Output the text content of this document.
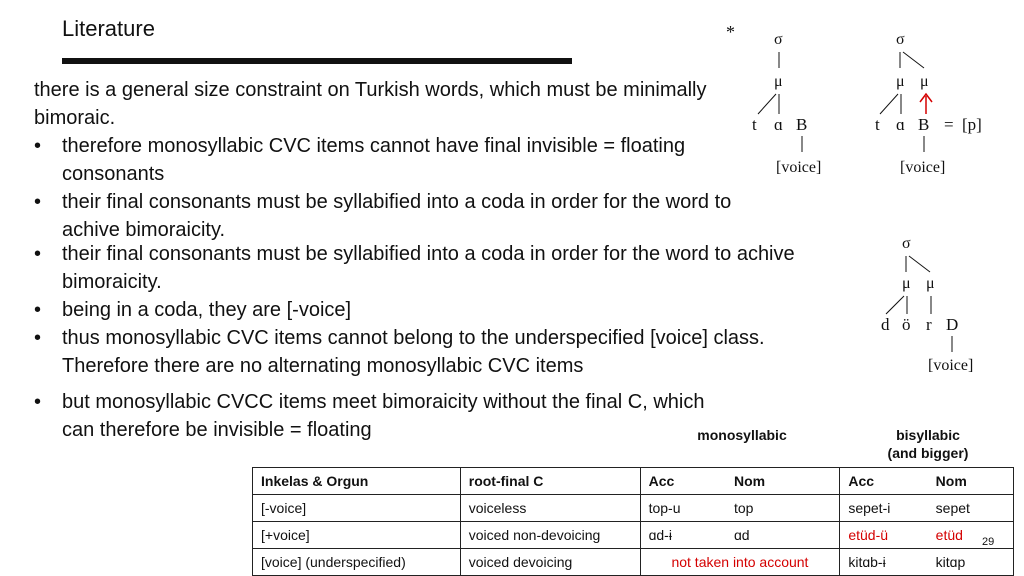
Literature
there is a general size constraint on Turkish words, which must be minimally bimoraic.
• therefore monosyllabic CVC items cannot have final invisible = floating consonants
• their final consonants must be syllabified into a coda in order for the word to achive bimoraicity.
• their final consonants must be syllabified into a coda in order for the word to achive bimoraicity.
• being in a coda, they are [-voice]
• thus monosyllabic CVC items cannot belong to the underspecified [voice] class. Therefore there are no alternating monosyllabic CVC items
• but monosyllabic CVCC items meet bimoraicity without the final C, which can therefore be invisible = floating
* σ
μ
t ɑ B
[voice]
σ
μ μ
t ɑ B = [p]
[voice]
σ
μ μ
d ö r D
[voice]
monosyllabic	bisyllabic
(and bigger)
Inkelas & Orgun	root-final C	Acc	Nom	Acc	Nom
[-voice]	voiceless	top-u	top	sepet-i	sepet
[+voice]	voiced non-devoicing	ɑd-ɨ	ɑd	etüd-ü	etüd
[voice] (underspecified)	voiced devoicing	not taken into account		kitɑb-ɨ	kitɑp
29
